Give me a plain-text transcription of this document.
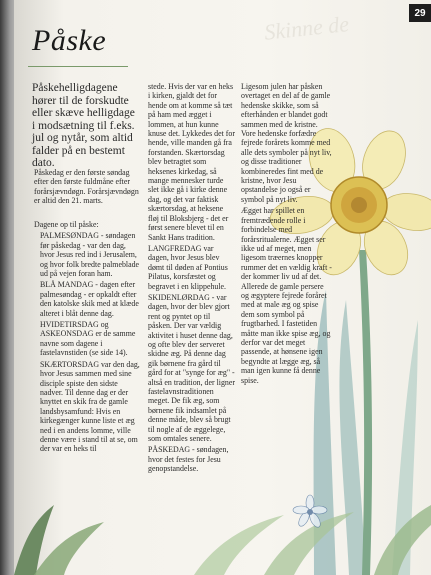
29
Skinne de
Påske
Påskehelligdagene hører til de forskudte eller skæve helligdage i modsætning til f.eks. jul og nytår, som altid falder på en bestemt dato.
Påskedag er den første søndag efter den første fuldmåne efter forårsjævndøgn. Forårsjævndøgn er altid den 21. marts.

Dagene op til påske:

PALMESØNDAG - søndagen før påskedag - var den dag, hvor Jesus red ind i Jerusalem, og hvor folk bredte palmeblade ud på vejen foran ham.

BLÅ MANDAG - dagen efter palmesøndag - er opkaldt efter den katolske skik med at klæde alteret i blåt denne dag.

HVIDETIRSDAG og ASKEONSDAG er de samme navne som dagene i fastelavnstiden (se side 14).

SKÆRTORSDAG var den dag, hvor Jesus sammen med sine disciple spiste den sidste nadver. Til denne dag er der knyttet en skik fra de gamle landsbysamfund: Hvis en kirkegænger kunne liste et æg ned i en andens lomme, ville denne være i stand til at se, om der var en heks til

stede. Hvis der var en heks i kirken, gjaldt det for hende om at komme så tæt på ham med ægget i lommen, at hun kunne knuse det. Lykkedes det for hende, ville manden gå fra forstanden. Skærtorsdag blev betragtet som heksenes kirkedag, så mange mennesker turde slet ikke gå i kirke denne dag, og det var faktisk skærtorsdag, at heksene fløj til Bloksbjerg - det er først senere blevet til en Sankt Hans tradition.

LANGFREDAG var dagen, hvor Jesus blev dømt til døden af Pontius Pilatus, korsfæstet og begravet i en klippehule.

SKIDENLØRDAG - var dagen, hvor der blev gjort rent og pyntet op til påsken. Der var vældig aktivitet i huset denne dag, og ofte blev der serveret skidne æg. På denne dag gik børnene fra gård til gård for at "synge for æg" - altså en tradition, der ligner fastelavnstraditionen meget. De fik æg, som børnene fik indsamlet på denne måde, blev så brugt til nogle af de æggelege, som omtales senere.

PÅSKEDAG - søndagen, hvor det festes for Jesu genopstandelse.

Ligesom julen har påsken overtaget en del af de gamle hedenske skikke, som så efterhånden er blandet godt sammen med de kristne. Vore hedenske forfædre fejrede forårets komme med alle dets symboler på nyt liv, og disse traditioner kombineredes fint med de kristne, hvor Jesu opstandelse jo også er symbol på nyt liv.

Ægget har spillet en fremtrædende rolle i forbindelse med forårsritualerne. Ægget ser ikke ud af meget, men ligesom træernes knopper rummer det en vældig kraft - der kommer liv ud af det. Allerede de gamle persere og ægyptere fejrede foråret med at male æg og spise dem som symbol på frugtbarhed. I fastetiden måtte man ikke spise æg, og derfor var det meget passende, at hønsene igen begyndte at lægge æg, så man igen kunne få denne spise.
